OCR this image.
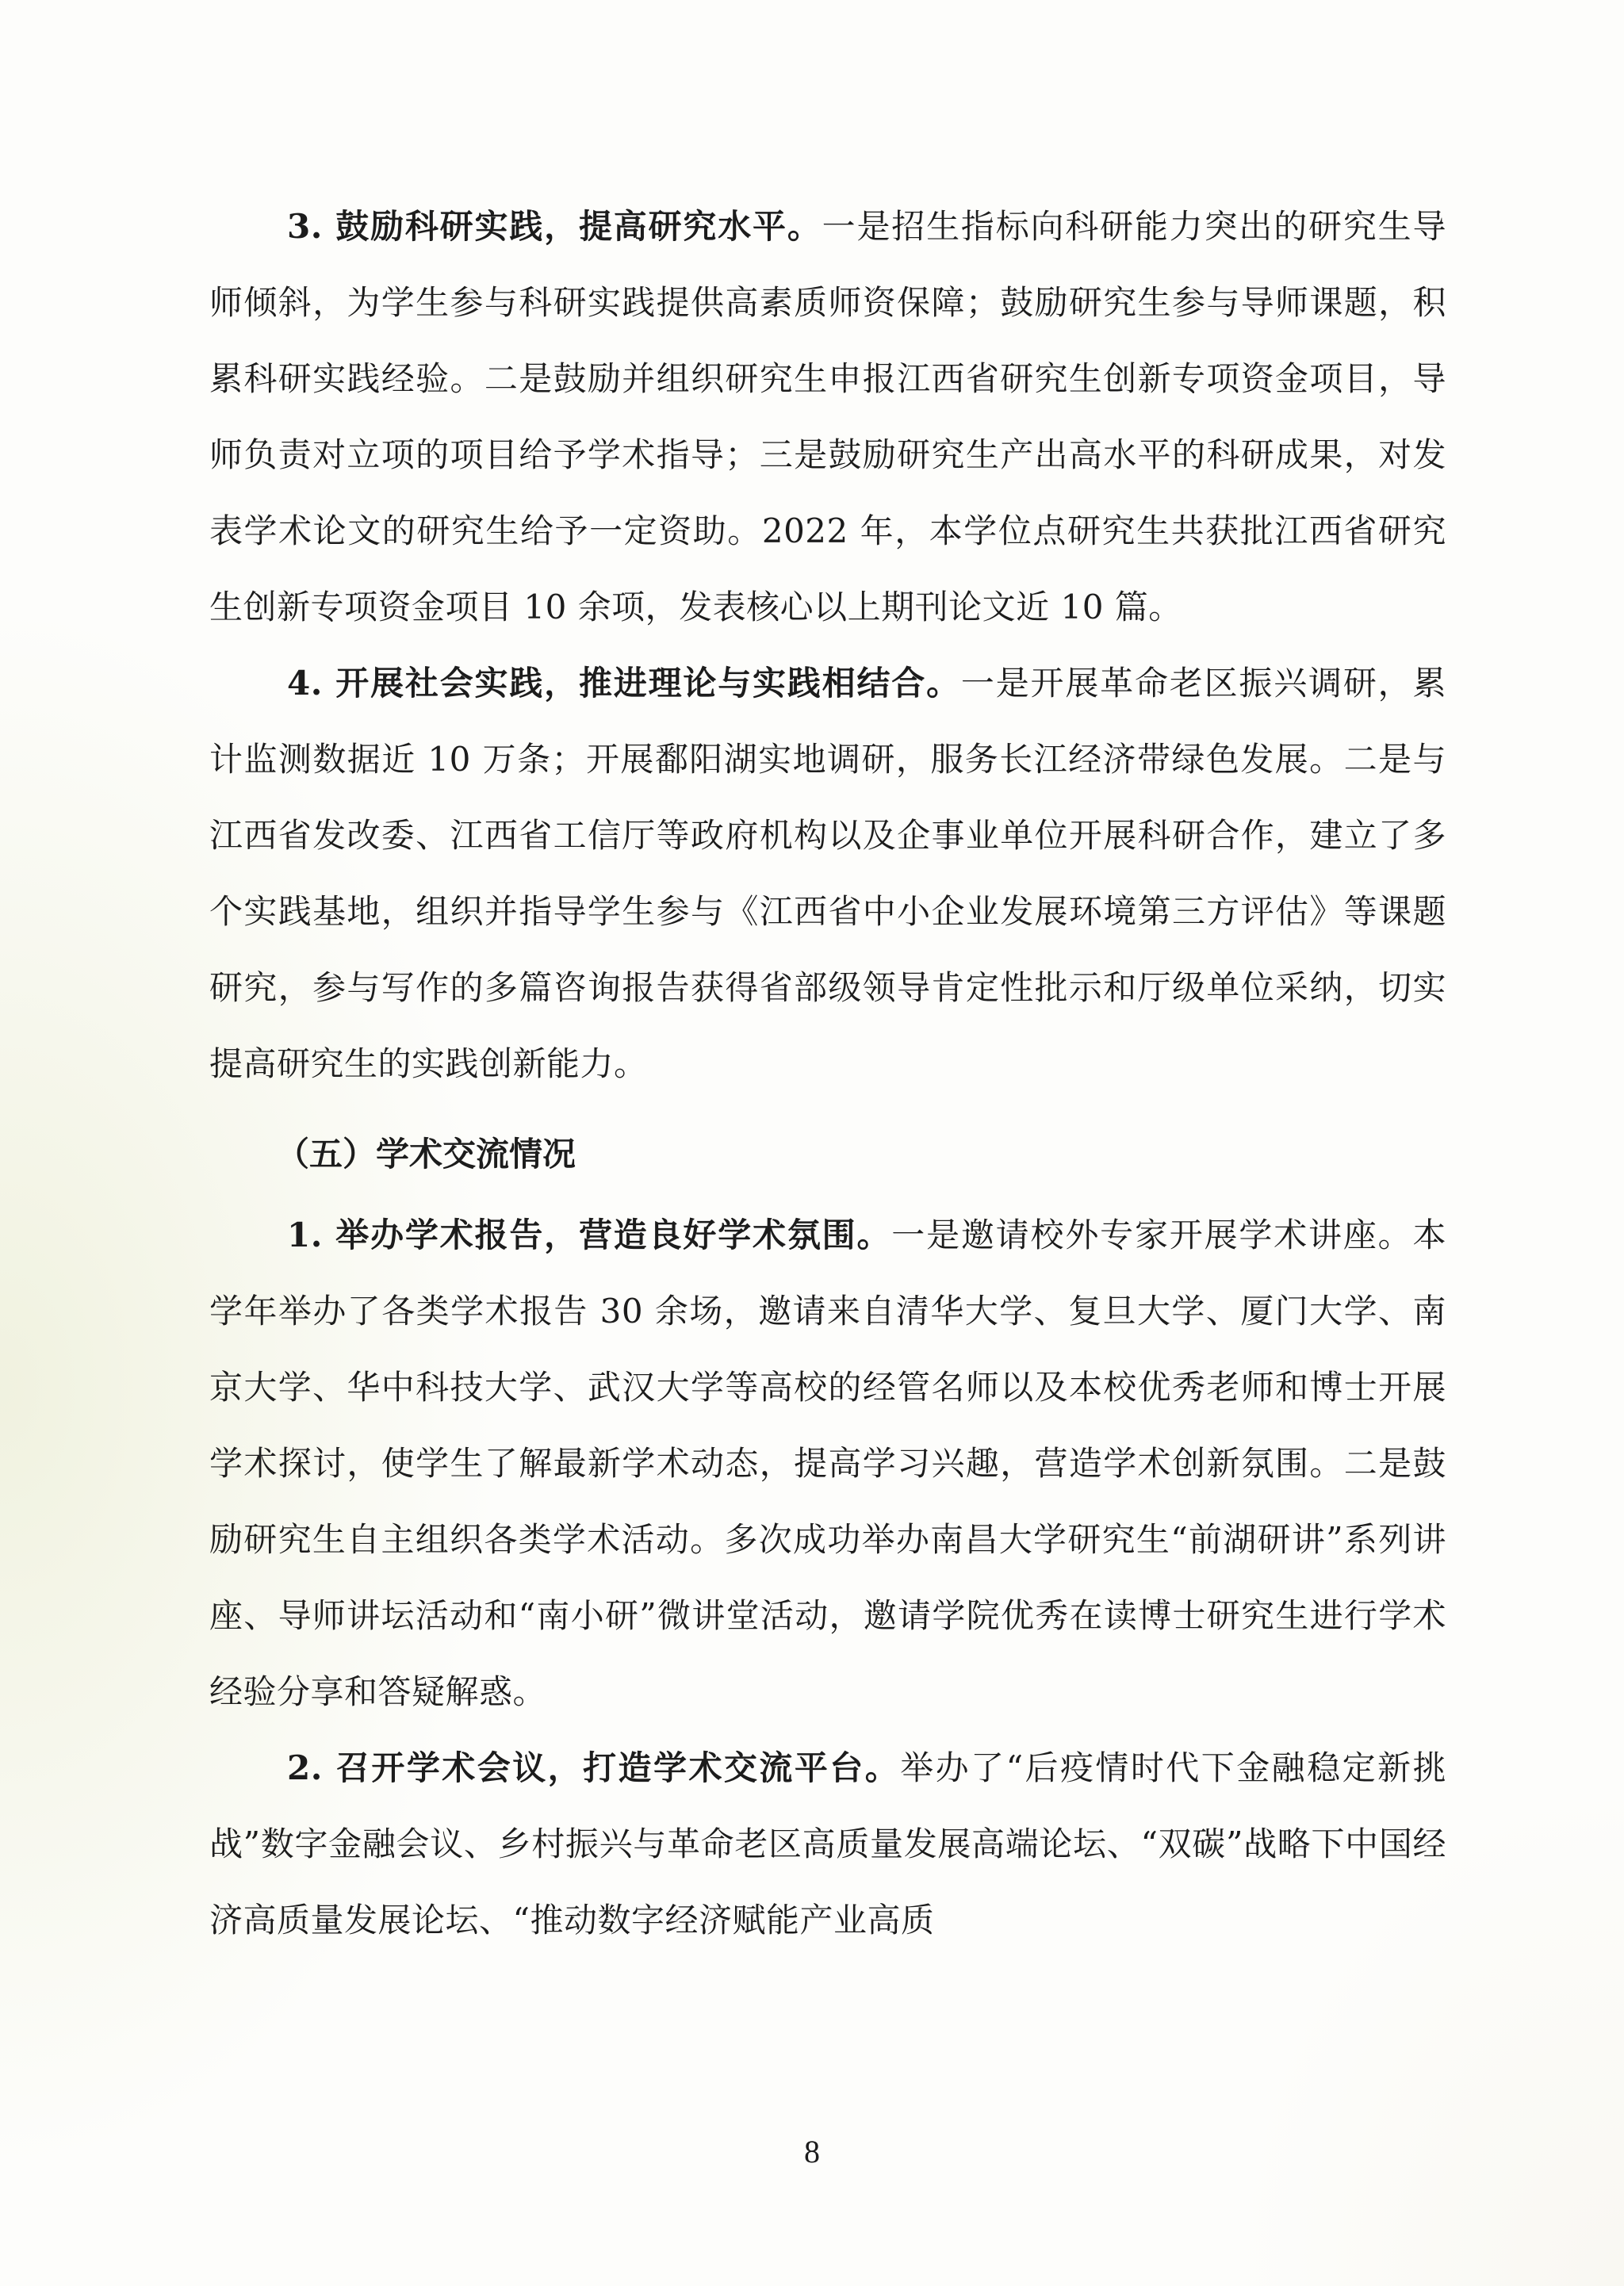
3. 鼓励科研实践，提高研究水平。一是招生指标向科研能力突出的研究生导师倾斜，为学生参与科研实践提供高素质师资保障；鼓励研究生参与导师课题，积累科研实践经验。二是鼓励并组织研究生申报江西省研究生创新专项资金项目，导师负责对立项的项目给予学术指导；三是鼓励研究生产出高水平的科研成果，对发表学术论文的研究生给予一定资助。2022 年，本学位点研究生共获批江西省研究生创新专项资金项目 10 余项，发表核心以上期刊论文近 10 篇。

4. 开展社会实践，推进理论与实践相结合。一是开展革命老区振兴调研，累计监测数据近 10 万条；开展鄱阳湖实地调研，服务长江经济带绿色发展。二是与江西省发改委、江西省工信厅等政府机构以及企事业单位开展科研合作，建立了多个实践基地，组织并指导学生参与《江西省中小企业发展环境第三方评估》等课题研究，参与写作的多篇咨询报告获得省部级领导肯定性批示和厅级单位采纳，切实提高研究生的实践创新能力。

（五）学术交流情况

1. 举办学术报告，营造良好学术氛围。一是邀请校外专家开展学术讲座。本学年举办了各类学术报告 30 余场，邀请来自清华大学、复旦大学、厦门大学、南京大学、华中科技大学、武汉大学等高校的经管名师以及本校优秀老师和博士开展学术探讨，使学生了解最新学术动态，提高学习兴趣，营造学术创新氛围。二是鼓励研究生自主组织各类学术活动。多次成功举办南昌大学研究生“前湖研讲”系列讲座、导师讲坛活动和“南小研”微讲堂活动，邀请学院优秀在读博士研究生进行学术经验分享和答疑解惑。

2. 召开学术会议，打造学术交流平台。举办了“后疫情时代下金融稳定新挑战”数字金融会议、乡村振兴与革命老区高质量发展高端论坛、“双碳”战略下中国经济高质量发展论坛、“推动数字经济赋能产业高质

8
